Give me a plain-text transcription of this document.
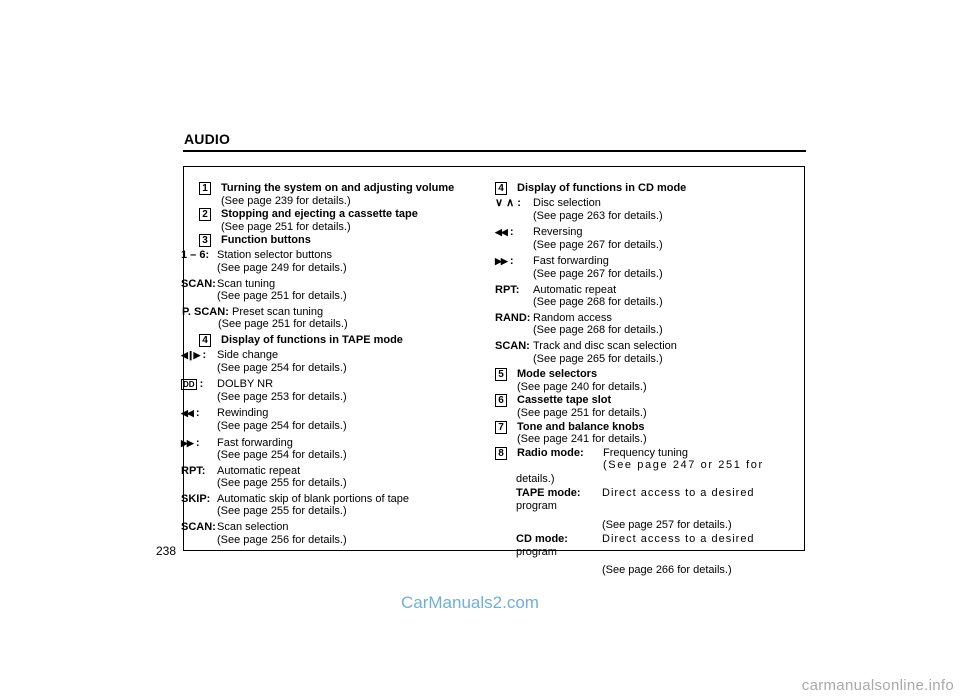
AUDIO
238
1 Turning the system on and adjusting volume
(See page 239 for details.)
2 Stopping and ejecting a cassette tape
(See page 251 for details.)
3 Function buttons
1 – 6: Station selector buttons
(See page 249 for details.)
SCAN: Scan tuning
(See page 251 for details.)
P. SCAN: Preset scan tuning
(See page 251 for details.)
4 Display of functions in TAPE mode
◀❙▶ : Side change
(See page 254 for details.)
DD :	DOLBY NR
(See page 253 for details.)
◀◀ :	Rewinding
(See page 254 for details.)
▶▶ :	Fast forwarding
(See page 254 for details.)
RPT:	Automatic repeat
(See page 255 for details.)
SKIP: Automatic skip of blank portions of tape
(See page 255 for details.)
SCAN: Scan selection
(See page 256 for details.)
4 Display of functions in CD mode
∨ ∧ :	Disc selection
(See page 263 for details.)
◀◀ :	Reversing
(See page 267 for details.)
▶▶ :	Fast forwarding
(See page 267 for details.)
RPT:	Automatic repeat
(See page 268 for details.)
RAND: Random access
(See page 268 for details.)
SCAN: Track and disc scan selection
(See page 265 for details.)
5 Mode selectors
(See page 240 for details.)
6 Cassette tape slot
(See page 251 for details.)
7 Tone and balance knobs
(See page 241 for details.)
8 Radio mode:	Frequency tuning
(See page 247 or 251 for
details.)
TAPE mode:	Direct access to a desired
program
(See page 257 for details.)
CD mode:	Direct access to a desired
program
(See page 266 for details.)
CarManuals2.com
carmanualsonline.info
